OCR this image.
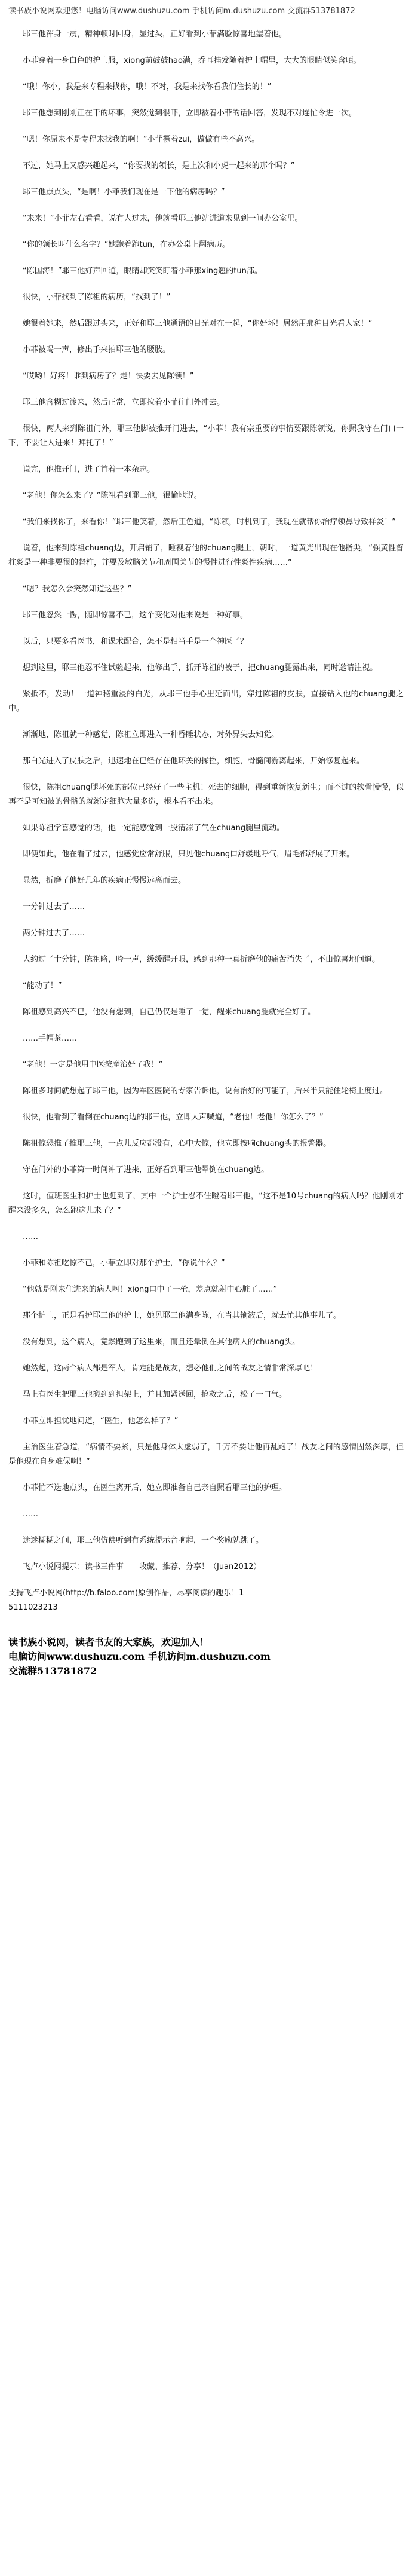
读书族小说网欢迎您！电脑访问www.dushuzu.com 手机访问m.dushuzu.com 交流群513781872
耶三他浑身一震，精神顿时回身，显过头，正好看到小菲满脸惊喜地望着他。
小菲穿着一身白色的护士服，xiong前鼓鼓hao满，乔耳挂发随着护士帽里，大大的眼睛似笑含嗔。
“哦！你小，我是来专程来找你，哦！不对，我是来找你看我们住长的！”
耶三他想到刚刚正在干的坏事，突然觉到很吓，立即被着小菲的话回答，发现不对连忙令进一次。
“嗯！你原来不是专程来找我的啊！”小菲撅着zui，做做有些不高兴。
不过，她马上又感兴趣起来，“你要找的领长，是上次和小虎一起来的那个吗？”
耶三他点点头，“是啊！小菲我们现在是一下他的病房吗？”
“来来！”小菲左右看看，说有人过来，他就看耶三他站进道来见到一间办公室里。
“你的领长叫什么名字？”她跑着跑tun，在办公桌上翻病历。
“陈国涛！”耶三他好声回道，眼睛却笑笑盯着小菲那xing翘的tun部。
很快，小菲找到了陈祖的病历，“找到了！”
她很着她来，然后跟过头来，正好和耶三他通语的目光对在一起，“你好坏！居然用那种目光看人家！”
小菲被喝一声，修出手来拍耶三他的腰肢。
“哎哟！好疼！谁到病房了？走！快要去见陈领！”
耶三他含糊过渡来，然后正常，立即拉着小菲往门外冲去。
很快，两人来到陈祖门外，耶三他脚被推开门进去，“小菲！我有宗重要的事情要跟陈领说，你照我守在门口一下，不要让人进来！拜托了！”
说完，他推开门，进了首着一本杂志。
“老他！你怎么来了？”陈祖看到耶三他，很愉地说。
“我们来找你了，来看你！”耶三他笑着，然后正色道，“陈领，时机到了，我现在就帮你治疗领鼻导致样炎！”
说着，他来到陈祖chuang边，开启铺子，睡视着他的chuang腿上，朝时，一道黄光出现在他指尖，“强黄性督柱炎是一种非要很的督柱，并要及敏脑关节和周围关节的慢性进行性炎性疾病……”
“嗯？我怎么会突然知道这些？”
耶三他忽然一愣，随即惊喜不已，这个变化对他来说是一种好事。
以后，只要多看医书，和课术配合，怎不是相当手是一个神医了？
想到这里，耶三他忍不住试验起来，他修出手，抓开陈祖的被子，把chuang腿露出来，同时邀请注视。
紧抵不，发动！一道神秘重浸的白光，从耶三他手心里延面出，穿过陈祖的皮肤，直接钻入他的chuang腿之中。
渐渐地，陈祖就一种感觉，陈祖立即进入一种昏睡状态，对外界失去知觉。
那白光进入了皮肤之后，迅速地在已经存在他环关的操控，细胞，骨髓间游离起来，开始修复起来。
很快，陈祖chuang腿坏死的部位已经好了一些主机！死去的细胞，得到重新恢复新生；而不过的软骨慢慢，似再不是可知被的骨骼的就渐定细胞大量多造，根本看不出来。
如果陈祖学喜感觉的话，他一定能感觉到一股清凉了气在chuang腿里流动。
即便如此，他在看了过去，他感觉应常舒服，只见他chuang口舒缓地呼气，眉毛都舒展了开来。
显然，折磨了他好几年的疾病正慢慢远离而去。
一分钟过去了……
两分钟过去了……
大约过了十分钟，陈祖略，吟一声，缓缓醒开眼，感到那种一真折磨他的痛苦消失了，不由惊喜地问道。
“能动了！”
陈祖感到高兴不已，他没有想到，自己仍仅是睡了一觉，醒来chuang腿就完全好了。
……手帽茶……
“老他！一定是他用中医按摩治好了我！”
陈祖多时间就想起了耶三他，因为军区医院的专家告诉他，说有治好的可能了，后来半只能住轮椅上度过。
很快，他看到了看倒在chuang边的耶三他，立即大声喊道，“老他！老他！你怎么了？”
陈祖惊恐推了推耶三他，一点儿反应都没有，心中大惊，他立即按响chuang头的报警器。
守在门外的小菲第一时间冲了进来，正好看到耶三他晕倒在chuang边。
这时，值班医生和护士也赶到了，其中一个护士忍不住瞪着耶三他，“这不是10号chuang的病人吗？他刚刚才醒来没多久，怎么跑这儿来了？”
……
小菲和陈祖吃惊不已，小菲立即对那个护士，“你说什么？”
“他就是刚来住进来的病人啊！xiong口中了一枪，差点就射中心脏了……”
那个护士，正是看护耶三他的护士，她见耶三他满身陈，在当其输液后，就去忙其他事儿了。
没有想到，这个病人，竟然跑到了这里来，而且还晕倒在其他病人的chuang头。
她然起，这两个病人都是军人，肯定能是战友，想必他们之间的战友之情非常深厚吧！
马上有医生把耶三他搬到到担架上，并且加紧送回，抢救之后，松了一口气。
小菲立即担忧地问道，“医生，他怎么样了？”
主治医生着急道，“病情不要紧，只是他身体太虚弱了，千万不要让他再乱跑了！战友之间的感情固然深厚，但是他现在自身难保啊！”
小菲忙不迭地点头，在医生离开后，她立即准备自己亲自照看耶三他的护理。
……
迷迷糊糊之间，耶三他仿佛听到有系统提示音响起，一个奖励就跳了。
飞卢小说网提示：读书三件事——收藏、推荐、分享！（Juan2012）
支持飞卢小说网(http://b.faloo.com)原创作品，尽享阅读的趣乐！1
5111023213
读书族小说网，读者书友的大家族，欢迎加入！
电脑访问www.dushuzu.com 手机访问m.dushuzu.com
交流群513781872
